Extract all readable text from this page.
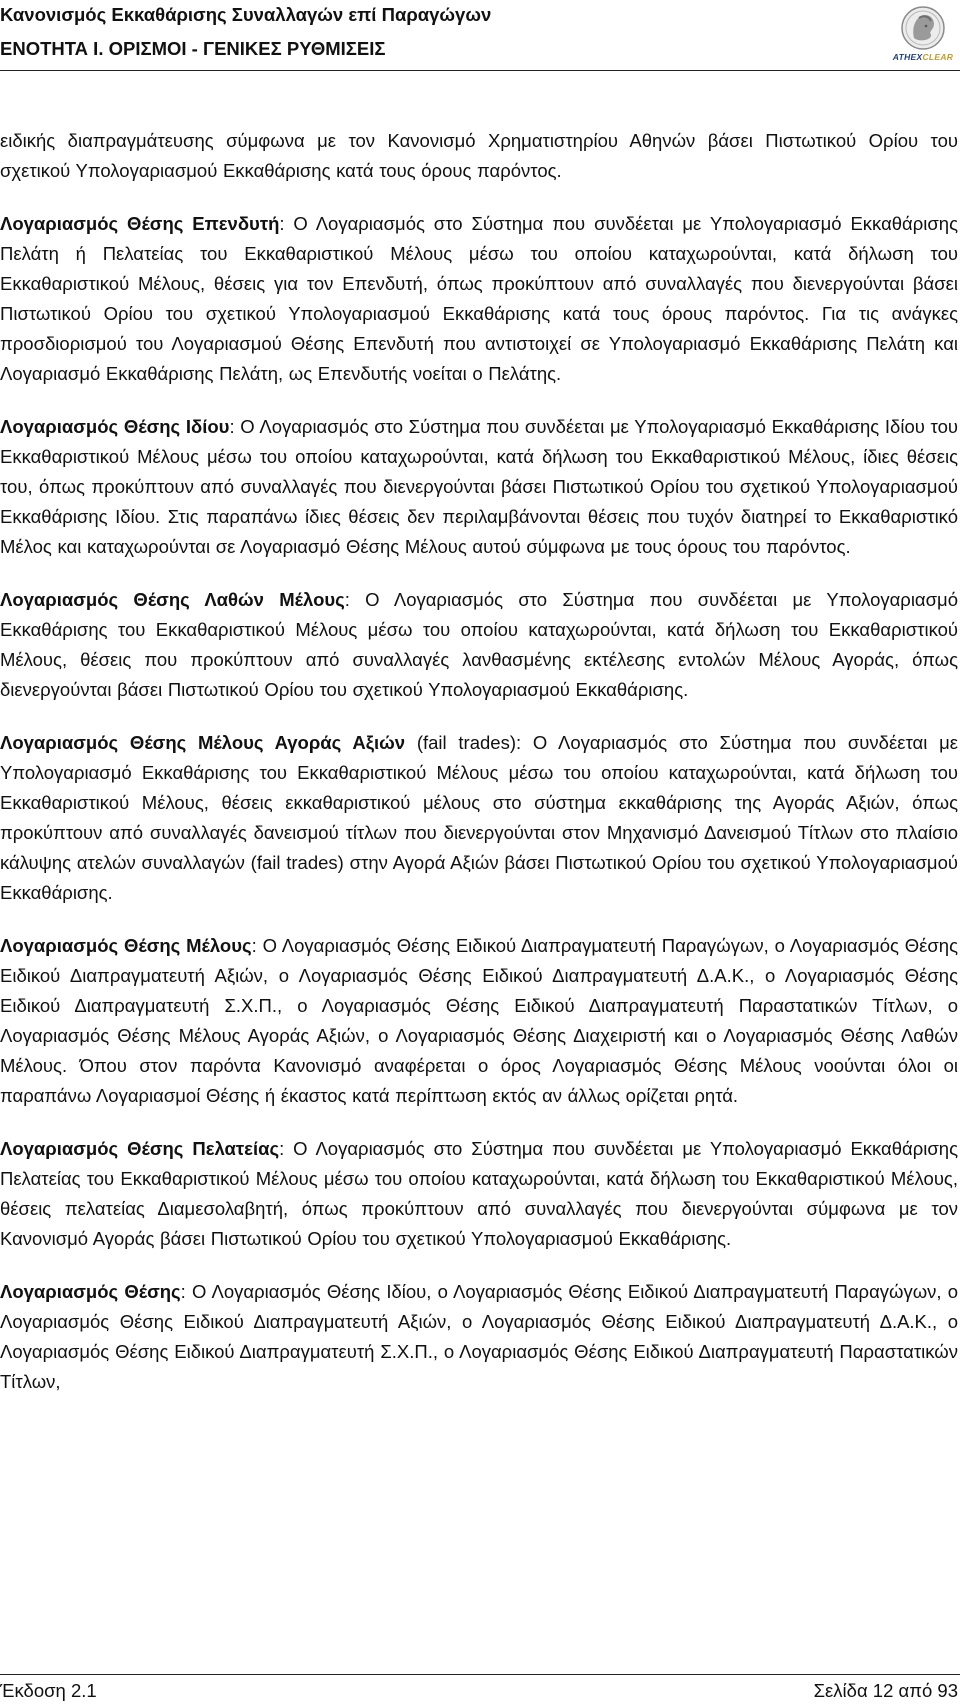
Κανονισμός Εκκαθάρισης Συναλλαγών επί Παραγώγων
ΕΝΟΤΗΤΑ Ι. ΟΡΙΣΜΟΙ - ΓΕΝΙΚΕΣ ΡΥΘΜΙΣΕΙΣ	ATHEXCLEAR

ειδικής διαπραγμάτευσης σύμφωνα με τον Κανονισμό Χρηματιστηρίου Αθηνών βάσει Πιστωτικού Ορίου του σχετικού Υπολογαριασμού Εκκαθάρισης κατά τους όρους παρόντος.

Λογαριασμός Θέσης Επενδυτή: Ο Λογαριασμός στο Σύστημα που συνδέεται με Υπολογαριασμό Εκκαθάρισης Πελάτη ή Πελατείας του Εκκαθαριστικού Μέλους μέσω του οποίου καταχωρούνται, κατά δήλωση του Εκκαθαριστικού Μέλους, θέσεις για τον Επενδυτή, όπως προκύπτουν από συναλλαγές που διενεργούνται βάσει Πιστωτικού Ορίου του σχετικού Υπολογαριασμού Εκκαθάρισης κατά τους όρους παρόντος. Για τις ανάγκες προσδιορισμού του Λογαριασμού Θέσης Επενδυτή που αντιστοιχεί σε Υπολογαριασμό Εκκαθάρισης Πελάτη και Λογαριασμό Εκκαθάρισης Πελάτη, ως Επενδυτής νοείται ο Πελάτης.

Λογαριασμός Θέσης Ιδίου: Ο Λογαριασμός στο Σύστημα που συνδέεται με Υπολογαριασμό Εκκαθάρισης Ιδίου του Εκκαθαριστικού Μέλους μέσω του οποίου καταχωρούνται, κατά δήλωση του Εκκαθαριστικού Μέλους, ίδιες θέσεις του, όπως προκύπτουν από συναλλαγές που διενεργούνται βάσει Πιστωτικού Ορίου του σχετικού Υπολογαριασμού Εκκαθάρισης Ιδίου. Στις παραπάνω ίδιες θέσεις δεν περιλαμβάνονται θέσεις που τυχόν διατηρεί το Εκκαθαριστικό Μέλος και καταχωρούνται σε Λογαριασμό Θέσης Μέλους αυτού σύμφωνα με τους όρους του παρόντος.

Λογαριασμός Θέσης Λαθών Μέλους: Ο Λογαριασμός στο Σύστημα που συνδέεται με Υπολογαριασμό Εκκαθάρισης του Εκκαθαριστικού Μέλους μέσω του οποίου καταχωρούνται, κατά δήλωση του Εκκαθαριστικού Μέλους, θέσεις που προκύπτουν από συναλλαγές λανθασμένης εκτέλεσης εντολών Μέλους Αγοράς, όπως διενεργούνται βάσει Πιστωτικού Ορίου του σχετικού Υπολογαριασμού Εκκαθάρισης.

Λογαριασμός Θέσης Μέλους Αγοράς Αξιών (fail trades): Ο Λογαριασμός στο Σύστημα που συνδέεται με Υπολογαριασμό Εκκαθάρισης του Εκκαθαριστικού Μέλους μέσω του οποίου καταχωρούνται, κατά δήλωση του Εκκαθαριστικού Μέλους, θέσεις εκκαθαριστικού μέλους στο σύστημα εκκαθάρισης της Αγοράς Αξιών, όπως προκύπτουν από συναλλαγές δανεισμού τίτλων που διενεργούνται στον Μηχανισμό Δανεισμού Τίτλων στο πλαίσιο κάλυψης ατελών συναλλαγών (fail trades) στην Αγορά Αξιών βάσει Πιστωτικού Ορίου του σχετικού Υπολογαριασμού Εκκαθάρισης.

Λογαριασμός Θέσης Μέλους: Ο Λογαριασμός Θέσης Ειδικού Διαπραγματευτή Παραγώγων, ο Λογαριασμός Θέσης Ειδικού Διαπραγματευτή Αξιών, ο Λογαριασμός Θέσης Ειδικού Διαπραγματευτή Δ.Α.Κ., ο Λογαριασμός Θέσης Ειδικού Διαπραγματευτή Σ.Χ.Π., ο Λογαριασμός Θέσης Ειδικού Διαπραγματευτή Παραστατικών Τίτλων, ο Λογαριασμός Θέσης Μέλους Αγοράς Αξιών, ο Λογαριασμός Θέσης Διαχειριστή και ο Λογαριασμός Θέσης Λαθών Μέλους. Όπου στον παρόντα Κανονισμό αναφέρεται ο όρος Λογαριασμός Θέσης Μέλους νοούνται όλοι οι παραπάνω Λογαριασμοί Θέσης ή έκαστος κατά περίπτωση εκτός αν άλλως ορίζεται ρητά.

Λογαριασμός Θέσης Πελατείας: Ο Λογαριασμός στο Σύστημα που συνδέεται με Υπολογαριασμό Εκκαθάρισης Πελατείας του Εκκαθαριστικού Μέλους μέσω του οποίου καταχωρούνται, κατά δήλωση του Εκκαθαριστικού Μέλους, θέσεις πελατείας Διαμεσολαβητή, όπως προκύπτουν από συναλλαγές που διενεργούνται σύμφωνα με τον Κανονισμό Αγοράς βάσει Πιστωτικού Ορίου του σχετικού Υπολογαριασμού Εκκαθάρισης.

Λογαριασμός Θέσης: Ο Λογαριασμός Θέσης Ιδίου, ο Λογαριασμός Θέσης Ειδικού Διαπραγματευτή Παραγώγων, ο Λογαριασμός Θέσης Ειδικού Διαπραγματευτή Αξιών, ο Λογαριασμός Θέσης Ειδικού Διαπραγματευτή Δ.Α.Κ., ο Λογαριασμός Θέσης Ειδικού Διαπραγματευτή Σ.Χ.Π., ο Λογαριασμός Θέσης Ειδικού Διαπραγματευτή Παραστατικών Τίτλων,

Έκδοση 2.1	Σελίδα 12 από 93
